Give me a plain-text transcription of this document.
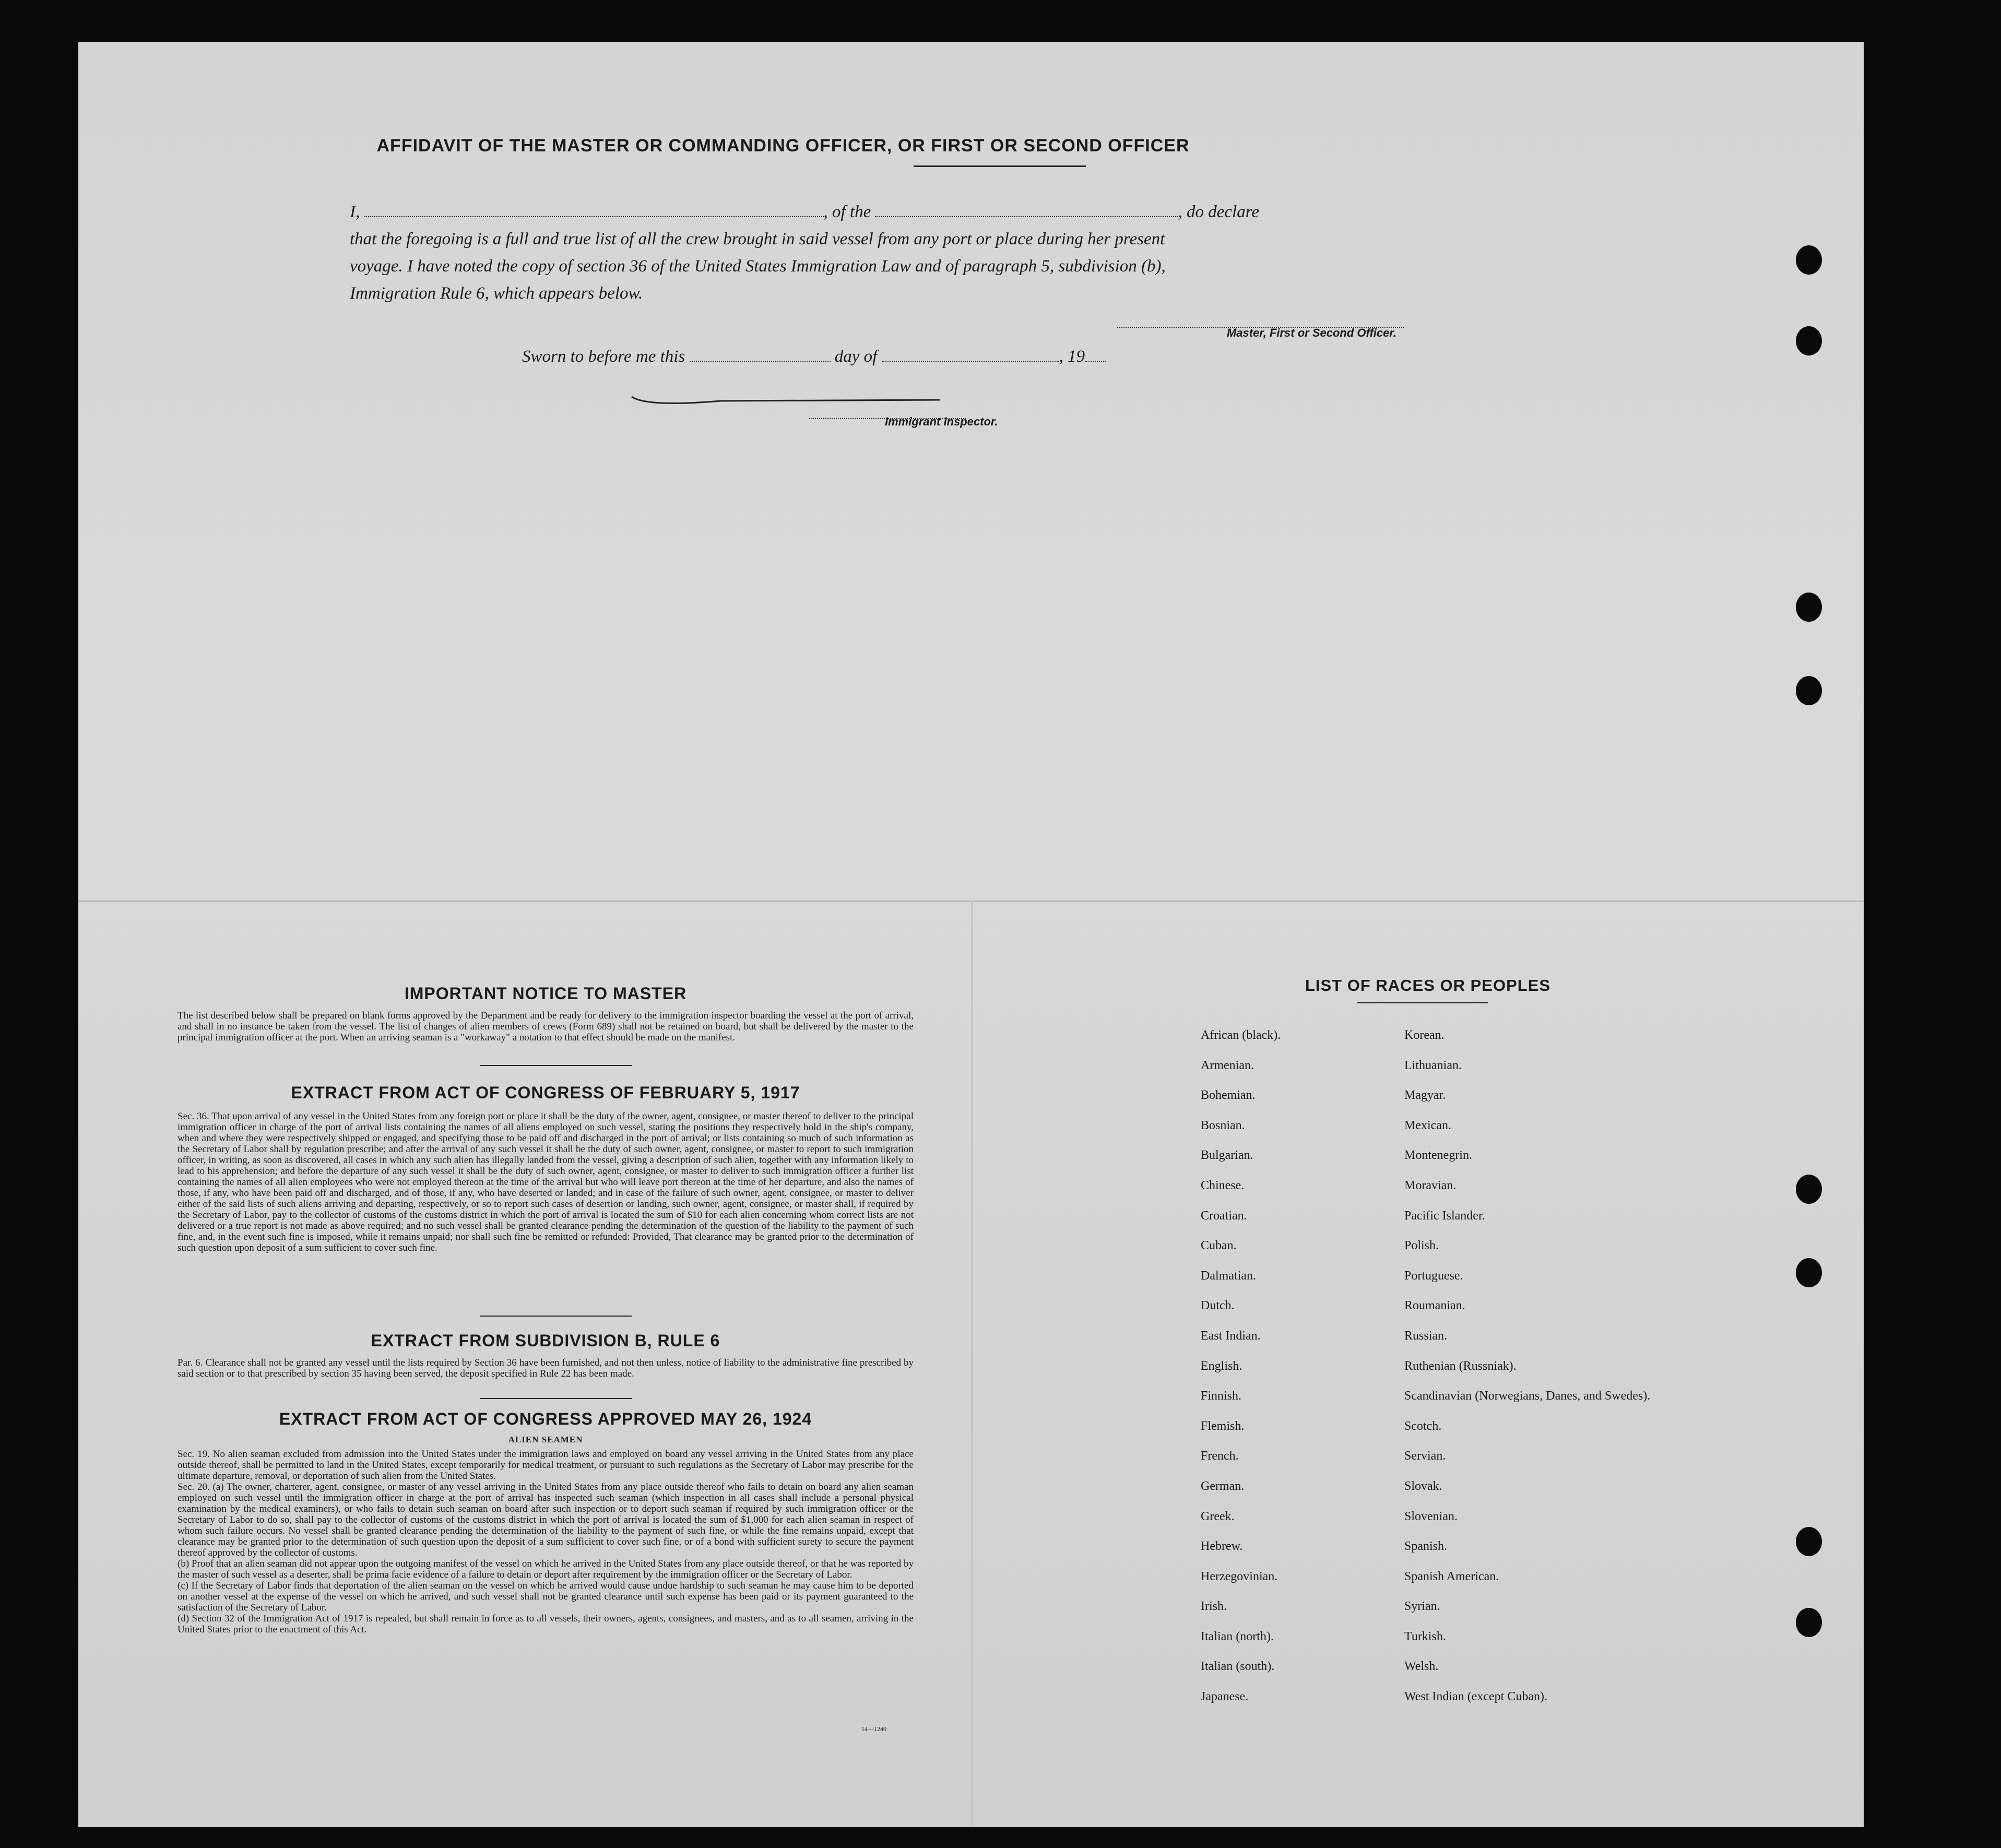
AFFIDAVIT OF THE MASTER OR COMMANDING OFFICER, OR FIRST OR SECOND OFFICER
I,	, of the	, do declare
that the foregoing is a full and true list of all the crew brought in said vessel from any port or place during her present
voyage. I have noted the copy of section 36 of the United States Immigration Law and of paragraph 5, subdivision (b),
Immigration Rule 6, which appears below.
Master, First or Second Officer.
Sworn to before me this	day of	, 19
Immigrant Inspector.
IMPORTANT NOTICE TO MASTER
The list described below shall be prepared on blank forms approved by the Department and be ready for delivery to the immigration inspector boarding the vessel at the port of arrival, and shall in no instance be taken from the vessel. The list of changes of alien members of crews (Form 689) shall not be retained on board, but shall be delivered by the master to the principal immigration officer at the port. When an arriving seaman is a "workaway" a notation to that effect should be made on the manifest.
EXTRACT FROM ACT OF CONGRESS OF FEBRUARY 5, 1917
Sec. 36. That upon arrival of any vessel in the United States from any foreign port or place it shall be the duty of the owner, agent, consignee, or master thereof to deliver to the principal immigration officer in charge of the port of arrival lists containing the names of all aliens employed on such vessel, stating the positions they respectively hold in the ship's company, when and where they were respectively shipped or engaged, and specifying those to be paid off and discharged in the port of arrival; or lists containing so much of such information as the Secretary of Labor shall by regulation prescribe; and after the arrival of any such vessel it shall be the duty of such owner, agent, consignee, or master to report to such immigration officer, in writing, as soon as discovered, all cases in which any such alien has illegally landed from the vessel, giving a description of such alien, together with any information likely to lead to his apprehension; and before the departure of any such vessel it shall be the duty of such owner, agent, consignee, or master to deliver to such immigration officer a further list containing the names of all alien employees who were not employed thereon at the time of the arrival but who will leave port thereon at the time of her departure, and also the names of those, if any, who have been paid off and discharged, and of those, if any, who have deserted or landed; and in case of the failure of such owner, agent, consignee, or master to deliver either of the said lists of such aliens arriving and departing, respectively, or so to report such cases of desertion or landing, such owner, agent, consignee, or master shall, if required by the Secretary of Labor, pay to the collector of customs of the customs district in which the port of arrival is located the sum of $10 for each alien concerning whom correct lists are not delivered or a true report is not made as above required; and no such vessel shall be granted clearance pending the determination of the question of the liability to the payment of such fine, and, in the event such fine is imposed, while it remains unpaid; nor shall such fine be remitted or refunded: Provided, That clearance may be granted prior to the determination of such question upon deposit of a sum sufficient to cover such fine.
EXTRACT FROM SUBDIVISION B, RULE 6
Par. 6. Clearance shall not be granted any vessel until the lists required by Section 36 have been furnished, and not then unless, notice of liability to the administrative fine prescribed by said section or to that prescribed by section 35 having been served, the deposit specified in Rule 22 has been made.
EXTRACT FROM ACT OF CONGRESS APPROVED MAY 26, 1924
ALIEN SEAMEN
Sec. 19. No alien seaman excluded from admission into the United States under the immigration laws and employed on board any vessel arriving in the United States from any place outside thereof, shall be permitted to land in the United States, except temporarily for medical treatment, or pursuant to such regulations as the Secretary of Labor may prescribe for the ultimate departure, removal, or deportation of such alien from the United States.
Sec. 20. (a) The owner, charterer, agent, consignee, or master of any vessel arriving in the United States from any place outside thereof who fails to detain on board any alien seaman employed on such vessel until the immigration officer in charge at the port of arrival has inspected such seaman (which inspection in all cases shall include a personal physical examination by the medical examiners), or who fails to detain such seaman on board after such inspection or to deport such seaman if required by such immigration officer or the Secretary of Labor to do so, shall pay to the collector of customs of the customs district in which the port of arrival is located the sum of $1,000 for each alien seaman in respect of whom such failure occurs. No vessel shall be granted clearance pending the determination of the liability to the payment of such fine, or while the fine remains unpaid, except that clearance may be granted prior to the determination of such question upon the deposit of a sum sufficient to cover such fine, or of a bond with sufficient surety to secure the payment thereof approved by the collector of customs.
(b) Proof that an alien seaman did not appear upon the outgoing manifest of the vessel on which he arrived in the United States from any place outside thereof, or that he was reported by the master of such vessel as a deserter, shall be prima facie evidence of a failure to detain or deport after requirement by the immigration officer or the Secretary of Labor.
(c) If the Secretary of Labor finds that deportation of the alien seaman on the vessel on which he arrived would cause undue hardship to such seaman he may cause him to be deported on another vessel at the expense of the vessel on which he arrived, and such vessel shall not be granted clearance until such expense has been paid or its payment guaranteed to the satisfaction of the Secretary of Labor.
(d) Section 32 of the Immigration Act of 1917 is repealed, but shall remain in force as to all vessels, their owners, agents, consignees, and masters, and as to all seamen, arriving in the United States prior to the enactment of this Act.
14—1240
LIST OF RACES OR PEOPLES
African (black).	Korean.
Armenian.	Lithuanian.
Bohemian.	Magyar.
Bosnian.	Mexican.
Bulgarian.	Montenegrin.
Chinese.	Moravian.
Croatian.	Pacific Islander.
Cuban.	Polish.
Dalmatian.	Portuguese.
Dutch.	Roumanian.
East Indian.	Russian.
English.	Ruthenian (Russniak).
Finnish.	Scandinavian (Norwegians, Danes, and Swedes).
Flemish.	Scotch.
French.	Servian.
German.	Slovak.
Greek.	Slovenian.
Hebrew.	Spanish.
Herzegovinian.	Spanish American.
Irish.	Syrian.
Italian (north).	Turkish.
Italian (south).	Welsh.
Japanese.	West Indian (except Cuban).
